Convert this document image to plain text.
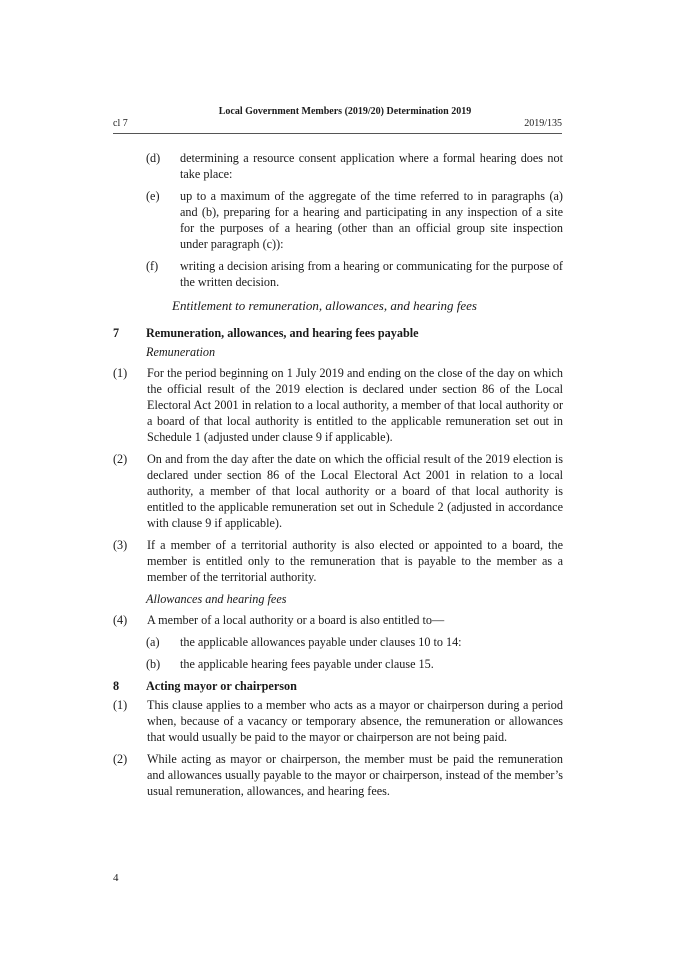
Local Government Members (2019/20) Determination 2019
cl 7	2019/135
(d)	determining a resource consent application where a formal hearing does not take place:
(e)	up to a maximum of the aggregate of the time referred to in paragraphs (a) and (b), preparing for a hearing and participating in any inspection of a site for the purposes of a hearing (other than an official group site inspection under paragraph (c)):
(f)	writing a decision arising from a hearing or communicating for the purpose of the written decision.
Entitlement to remuneration, allowances, and hearing fees
7	Remuneration, allowances, and hearing fees payable
Remuneration
(1)	For the period beginning on 1 July 2019 and ending on the close of the day on which the official result of the 2019 election is declared under section 86 of the Local Electoral Act 2001 in relation to a local authority, a member of that local authority or a board of that local authority is entitled to the applicable remuneration set out in Schedule 1 (adjusted under clause 9 if applicable).
(2)	On and from the day after the date on which the official result of the 2019 election is declared under section 86 of the Local Electoral Act 2001 in relation to a local authority, a member of that local authority or a board of that local authority is entitled to the applicable remuneration set out in Schedule 2 (adjusted in accordance with clause 9 if applicable).
(3)	If a member of a territorial authority is also elected or appointed to a board, the member is entitled only to the remuneration that is payable to the member as a member of the territorial authority.
Allowances and hearing fees
(4)	A member of a local authority or a board is also entitled to—
(a)	the applicable allowances payable under clauses 10 to 14:
(b)	the applicable hearing fees payable under clause 15.
8	Acting mayor or chairperson
(1)	This clause applies to a member who acts as a mayor or chairperson during a period when, because of a vacancy or temporary absence, the remuneration or allowances that would usually be paid to the mayor or chairperson are not being paid.
(2)	While acting as mayor or chairperson, the member must be paid the remuneration and allowances usually payable to the mayor or chairperson, instead of the member’s usual remuneration, allowances, and hearing fees.
4
